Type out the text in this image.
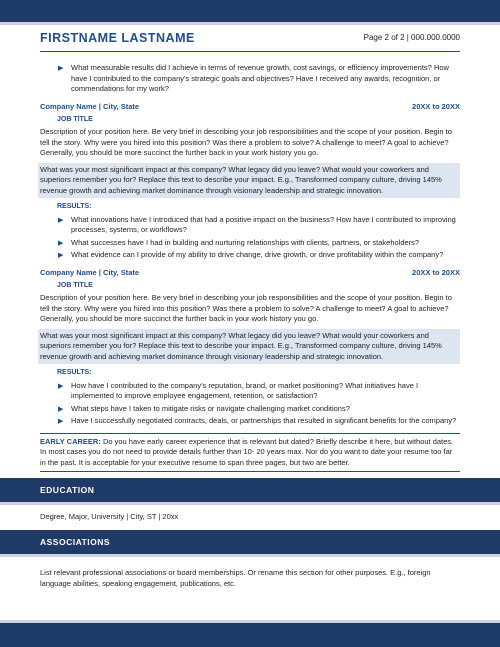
FIRSTNAME LASTNAME	Page 2 of 2 | 000.000.0000
▶ What measurable results did I achieve in terms of revenue growth, cost savings, or efficiency improvements? How have I contributed to the company's strategic goals and objectives? Have I received any awards, recognition, or commendations for my work?
Company Name | City, State	20XX to 20XX
JOB TITLE
Description of your position here. Be very brief in describing your job responsibilities and the scope of your position. Begin to tell the story. Why were you hired into this position? Was there a problem to solve? A challenge to meet? A goal to achieve? Generally, you should be more succinct the further back in your work history you go.
What was your most significant impact at this company? What legacy did you leave? What would your coworkers and superiors remember you for? Replace this text to describe your impact. E.g., Transformed company culture, driving 145% revenue growth and achieving market dominance through visionary leadership and strategic innovation.
RESULTS:
▶ What innovations have I introduced that had a positive impact on the business? How have I contributed to improving processes, systems, or workflows?
▶ What successes have I had in building and nurturing relationships with clients, partners, or stakeholders?
▶ What evidence can I provide of my ability to drive change, drive growth, or drive profitability within the company?
Company Name | City, State	20XX to 20XX
JOB TITLE
Description of your position here. Be very brief in describing your job responsibilities and the scope of your position. Begin to tell the story. Why were you hired into this position? Was there a problem to solve? A challenge to meet? A goal to achieve? Generally, you should be more succinct the further back in your work history you go.
What was your most significant impact at this company? What legacy did you leave? What would your coworkers and superiors remember you for? Replace this text to describe your impact. E.g., Transformed company culture, driving 145% revenue growth and achieving market dominance through visionary leadership and strategic innovation.
RESULTS:
▶ How have I contributed to the company's reputation, brand, or market positioning? What initiatives have I implemented to improve employee engagement, retention, or satisfaction?
▶ What steps have I taken to mitigate risks or navigate challenging market conditions?
▶ Have I successfully negotiated contracts, deals, or partnerships that resulted in significant benefits for the company?
EARLY CAREER: Do you have early career experience that is relevant but dated? Briefly describe it here, but without dates. In most cases you do not need to provide details further than 10- 20 years max. Nor do you want to date your resume too far in the past. It is acceptable for your executive resume to span three pages, but two are better.
EDUCATION
Degree, Major, University | City, ST | 20xx
ASSOCIATIONS
List relevant professional associations or board memberships. Or rename this section for other purposes. E.g., foreign language abilities, speaking engagement, publications, etc.
